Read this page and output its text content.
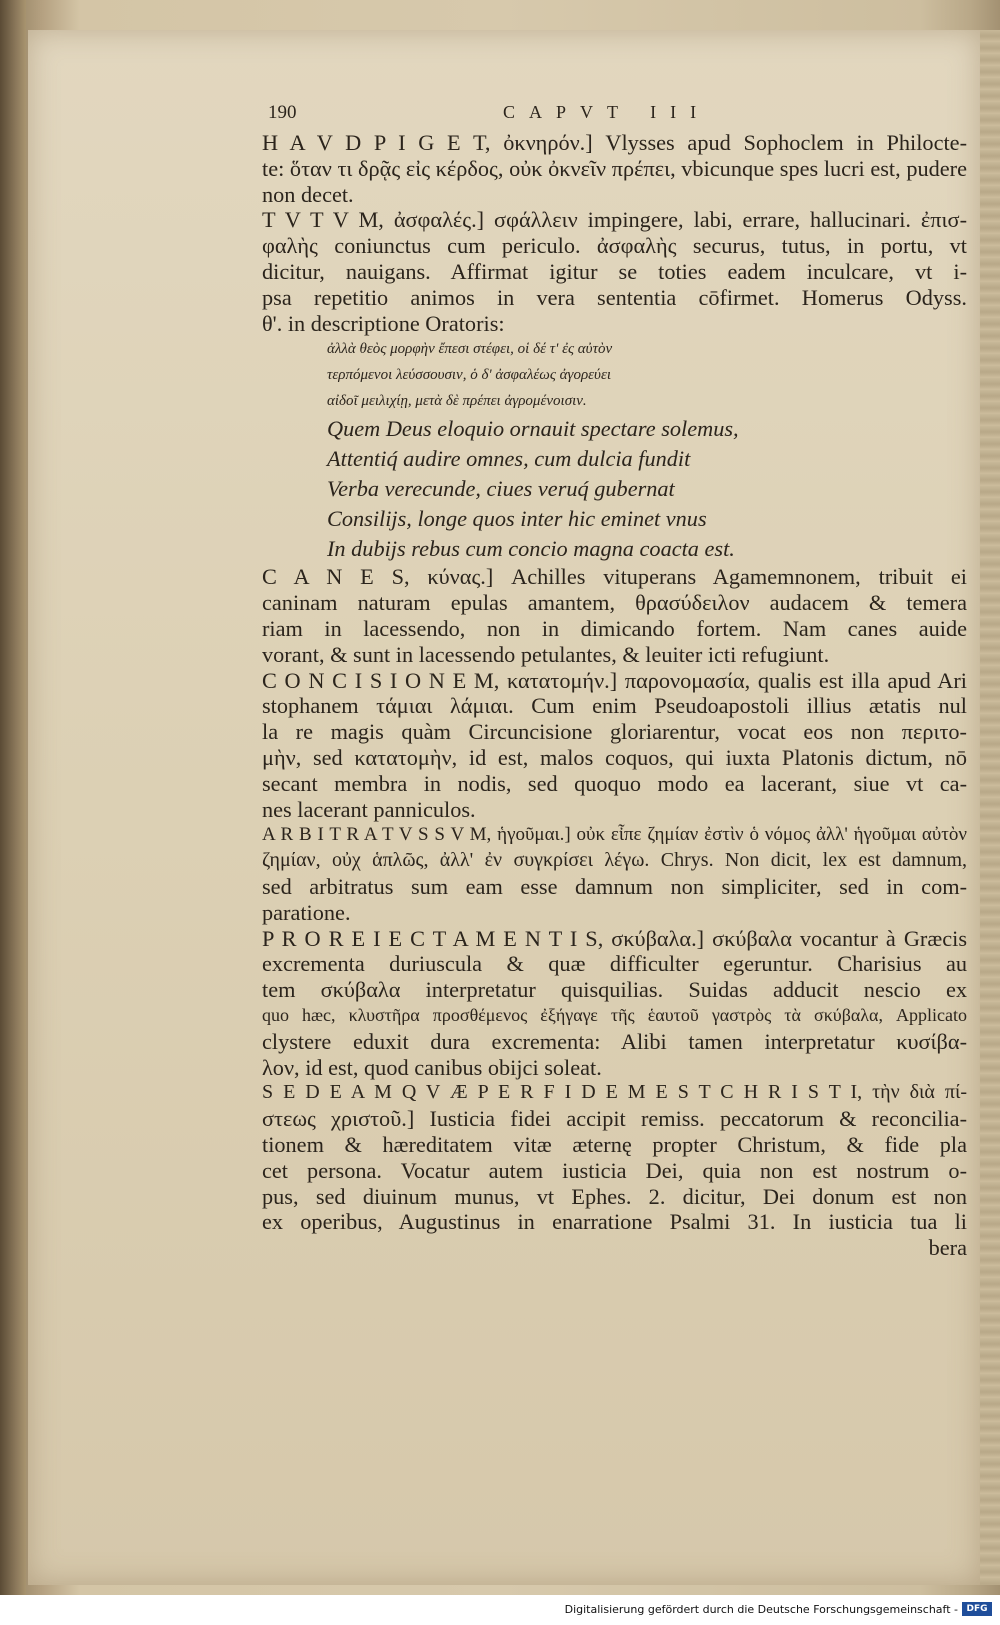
190	CAPVT III
H A V D P I G E T, ὀκνηρόν.] Vlysses apud Sophoclem in Philocte-
te: ὅταν τι δρᾷς εἰς κέρδος, οὐκ ὀκνεῖν πρέπει, vbicunque spes lucri est, pudere
non decet.
T V T V M, ἀσφαλές.] σφάλλειν impingere, labi, errare, hallucinari. ἐπισ-
φαλὴς coniunctus cum periculo. ἀσφαλὴς securus, tutus, in portu, vt
dicitur, nauigans. Affirmat igitur se toties eadem inculcare, vt i-
psa repetitio animos in vera sententia cōfirmet. Homerus Odyss.
θ'. in descriptione Oratoris:
ἀλλὰ θεὸς μορφὴν ἔπεσι στέφει, οἱ δέ τ' ἐς αὐτὸν
τερπόμενοι λεύσσουσιν, ὁ δ' ἀσφαλέως ἀγορεύει
αἰδοῖ μειλιχίῃ, μετὰ δὲ πρέπει ἀγρομένοισιν.
Quem Deus eloquio ornauit spectare solemus,
Attentiq́ audire omnes, cum dulcia fundit
Verba verecunde, ciues veruq́ gubernat
Consilijs, longe quos inter hic eminet vnus
In dubijs rebus cum concio magna coacta est.
C A N E S, κύνας.] Achilles vituperans Agamemnonem, tribuit ei
caninam naturam epulas amantem, θρασύδειλον audacem & temera
riam in lacessendo, non in dimicando fortem. Nam canes auide
vorant, & sunt in lacessendo petulantes, & leuiter icti refugiunt.
C O N C I S I O N E M, κατατομήν.] παρονομασία, qualis est illa apud Ari
stophanem τάμιαι λάμιαι. Cum enim Pseudoapostoli illius ætatis nul
la re magis quàm Circuncisione gloriarentur, vocat eos non περιτο-
μὴν, sed κατατομὴν, id est, malos coquos, qui iuxta Platonis dictum, nō
secant membra in nodis, sed quoquo modo ea lacerant, siue vt ca-
nes lacerant panniculos.
A R B I T R A T V S S V M, ἡγοῦμαι.] οὐκ εἶπε ζημίαν ἐστὶν ὁ νόμος ἀλλ' ἡγοῦμαι αὐτὸν
ζημίαν, οὐχ ἁπλῶς, ἀλλ' ἐν συγκρίσει λέγω. Chrys. Non dicit, lex est damnum,
sed arbitratus sum eam esse damnum non simpliciter, sed in com-
paratione.
P R O R E I E C T A M E N T I S, σκύβαλα.] σκύβαλα vocantur à Græcis
excrementa duriuscula & quæ difficulter egeruntur. Charisius au
tem σκύβαλα interpretatur quisquilias. Suidas adducit nescio ex
quo hæc, κλυστῆρα προσθέμενος ἐξήγαγε τῆς ἑαυτοῦ γαστρὸς τὰ σκύβαλα, Applicato
clystere eduxit dura excrementa: Alibi tamen interpretatur κυσίβα-
λον, id est, quod canibus obijci soleat.
S E D E A M Q V Æ P E R F I D E M E S T C H R I S T I, τὴν διὰ πί-
στεως χριστοῦ.] Iusticia fidei accipit remiss. peccatorum & reconcilia-
tionem & hæreditatem vitæ æternę propter Christum, & fide pla
cet persona. Vocatur autem iusticia Dei, quia non est nostrum o-
pus, sed diuinum munus, vt Ephes. 2. dicitur, Dei donum est non
ex operibus, Augustinus in enarratione Psalmi 31. In iusticia tua li
bera
Digitalisierung gefördert durch die Deutsche Forschungsgemeinschaft - DFG
